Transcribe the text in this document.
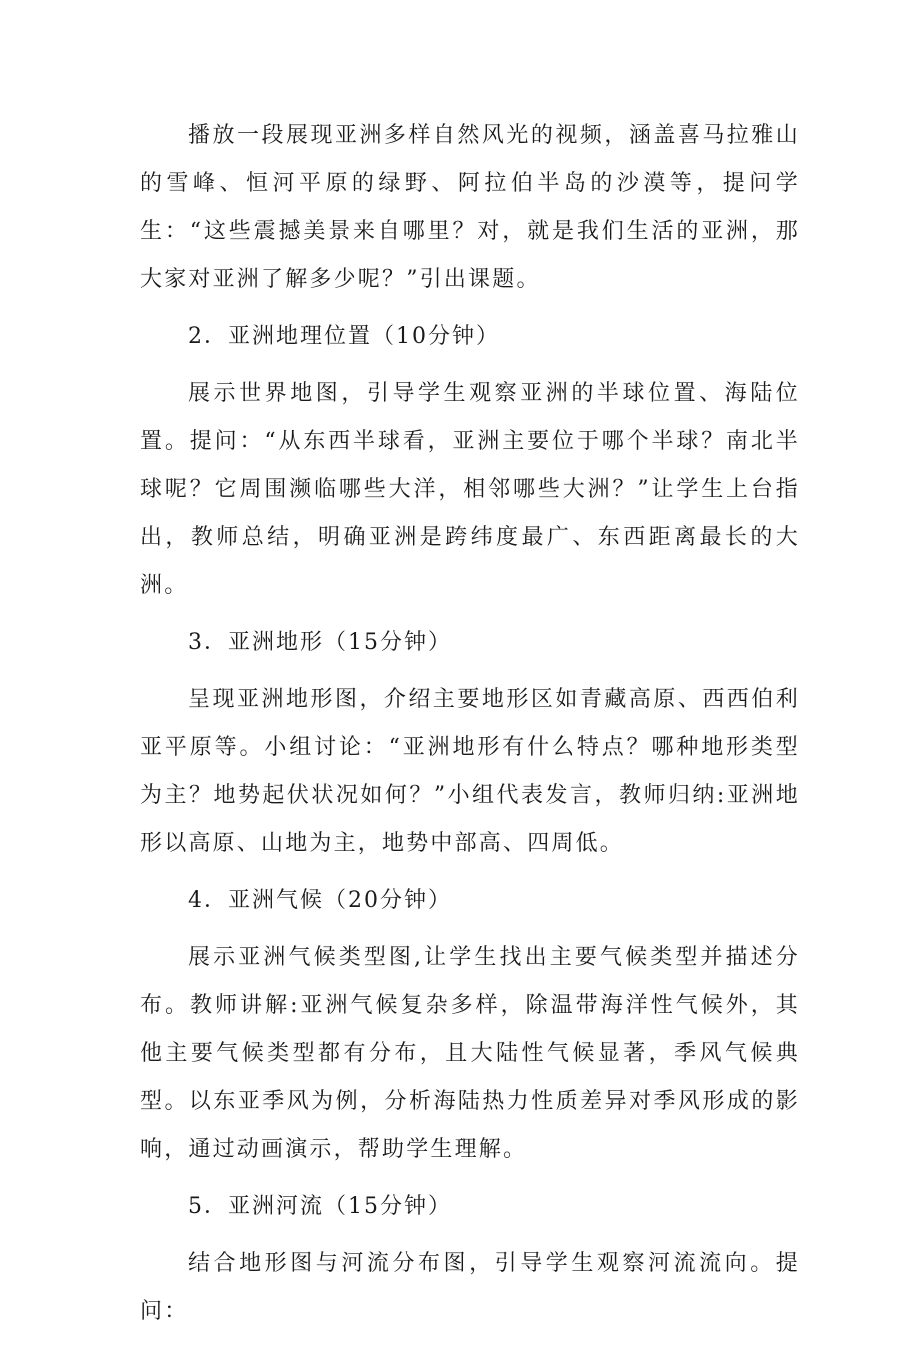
播放一段展现亚洲多样自然风光的视频，涵盖喜马拉雅山的雪峰、恒河平原的绿野、阿拉伯半岛的沙漠等，提问学生：“这些震撼美景来自哪里？对，就是我们生活的亚洲，那大家对亚洲了解多少呢？”引出课题。

2．亚洲地理位置（10分钟）

展示世界地图，引导学生观察亚洲的半球位置、海陆位置。提问：“从东西半球看，亚洲主要位于哪个半球？南北半球呢？它周围濒临哪些大洋，相邻哪些大洲？”让学生上台指出，教师总结，明确亚洲是跨纬度最广、东西距离最长的大洲。

3．亚洲地形（15分钟）

呈现亚洲地形图，介绍主要地形区如青藏高原、西西伯利亚平原等。小组讨论：“亚洲地形有什么特点？哪种地形类型为主？地势起伏状况如何？”小组代表发言，教师归纳:亚洲地形以高原、山地为主，地势中部高、四周低。

4．亚洲气候（20分钟）

展示亚洲气候类型图,让学生找出主要气候类型并描述分布。教师讲解:亚洲气候复杂多样，除温带海洋性气候外，其他主要气候类型都有分布，且大陆性气候显著，季风气候典型。以东亚季风为例，分析海陆热力性质差异对季风形成的影响，通过动画演示，帮助学生理解。

5．亚洲河流（15分钟）

结合地形图与河流分布图，引导学生观察河流流向。提问：
